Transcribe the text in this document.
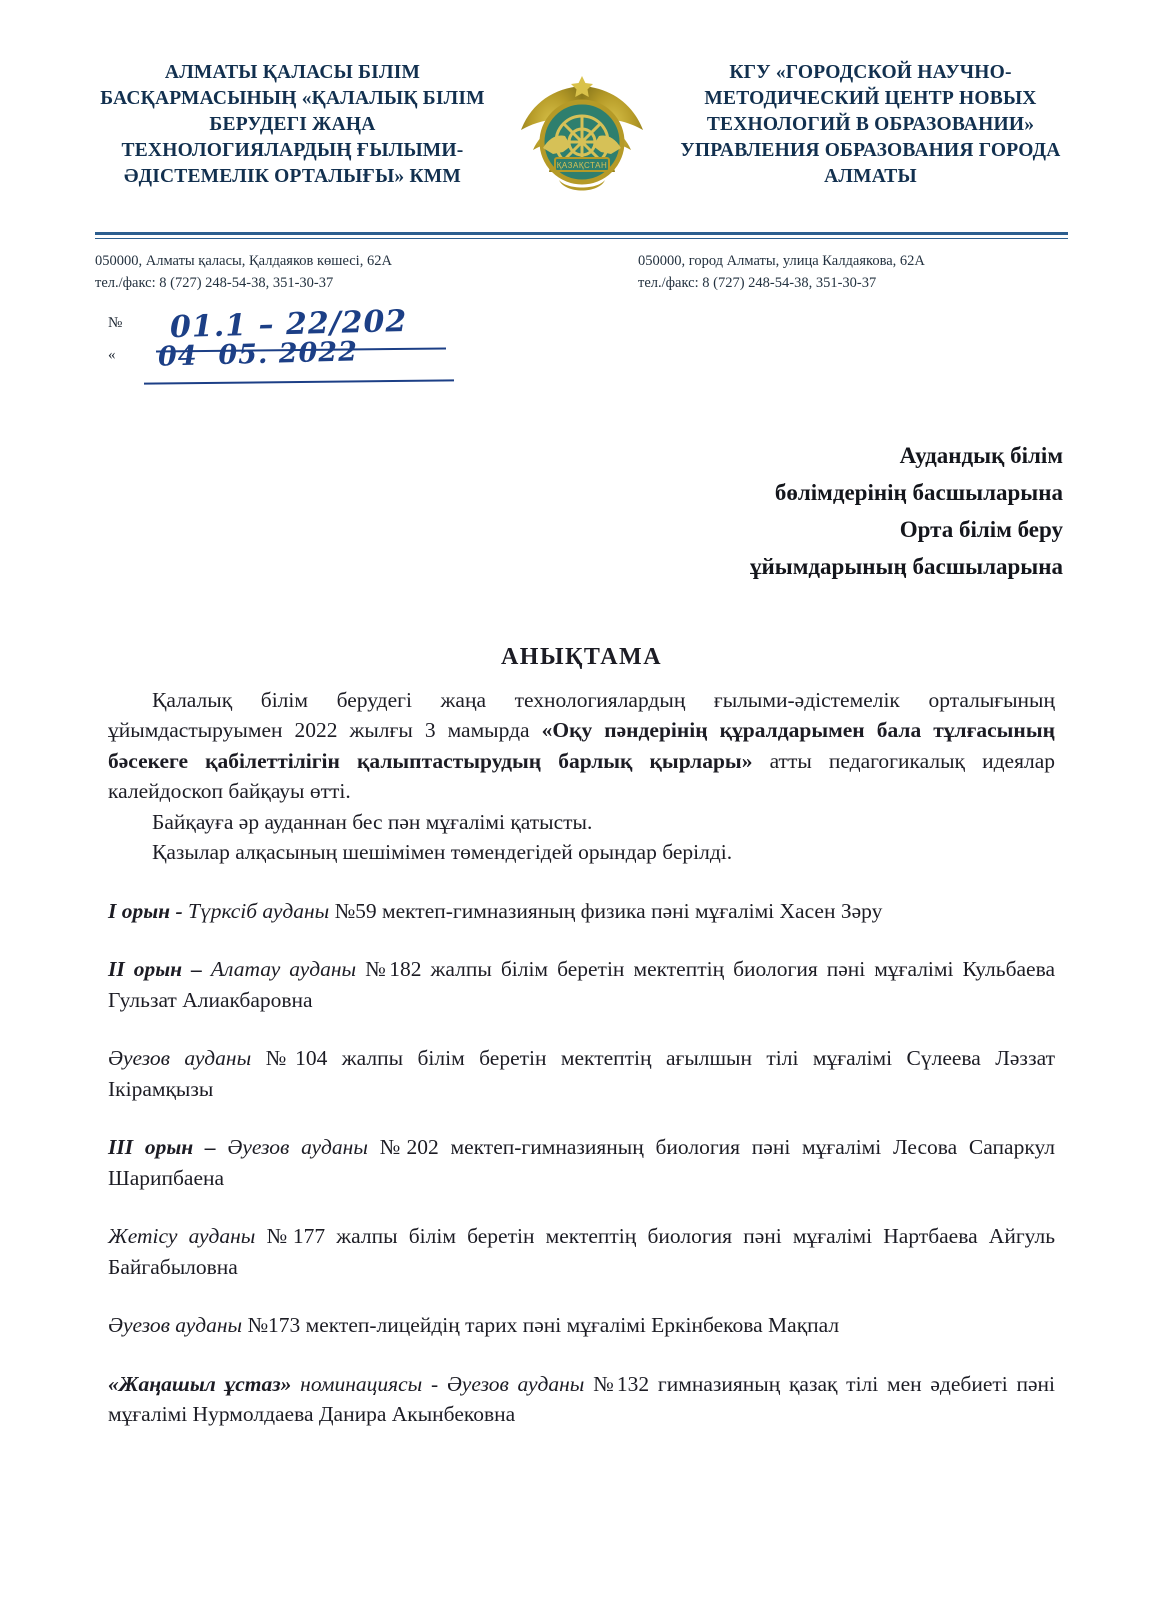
АЛМАТЫ ҚАЛАСЫ БІЛІМ БАСҚАРМАСЫНЫҢ «ҚАЛАЛЫҚ БІЛІМ БЕРУДЕГІ ЖАҢА ТЕХНОЛОГИЯЛАРДЫҢ ҒЫЛЫМИ-ӘДІСТЕМЕЛІК ОРТАЛЫҒЫ» КММ
ҚАЗАҚСТАН
КГУ «ГОРОДСКОЙ НАУЧНО-МЕТОДИЧЕСКИЙ ЦЕНТР НОВЫХ ТЕХНОЛОГИЙ В ОБРАЗОВАНИИ» УПРАВЛЕНИЯ ОБРАЗОВАНИЯ ГОРОДА АЛМАТЫ
050000, Алматы қаласы, Қалдаяков көшесі, 62А
тел./факс: 8 (727) 248-54-38, 351-30-37
050000, город Алматы, улица Калдаякова, 62А
тел./факс: 8 (727) 248-54-38, 351-30-37
№ 01.1 – 22/202
« 04 05. 2022
Аудандық білім
бөлімдерінің басшыларына
Орта білім беру
ұйымдарының басшыларына
АНЫҚТАМА

Қалалық білім берудегі жаңа технологиялардың ғылыми-әдістемелік орталығының ұйымдастыруымен 2022 жылғы 3 мамырда «Оқу пәндерінің құралдарымен бала тұлғасының бәсекеге қабілеттілігін қалыптастырудың барлық қырлары» атты педагогикалық идеялар калейдоскоп байқауы өтті.

Байқауға әр ауданнан бес пән мұғалімі қатысты.

Қазылар алқасының шешімімен төмендегідей орындар берілді.

I орын - Түрксіб ауданы №59 мектеп-гимназияның физика пәні мұғалімі Хасен Зәру

II орын – Алатау ауданы №182 жалпы білім беретін мектептің биология пәні мұғалімі Кульбаева Гульзат Алиакбаровна

Әуезов ауданы №104 жалпы білім беретін мектептің ағылшын тілі мұғалімі Сүлеева Ләззат Ікірамқызы

III орын – Әуезов ауданы №202 мектеп-гимназияның биология пәні мұғалімі Лесова Сапаркул Шарипбаена

Жетісу ауданы №177 жалпы білім беретін мектептің биология пәні мұғалімі Нартбаева Айгуль Байгабыловна

Әуезов ауданы №173 мектеп-лицейдің тарих пәні мұғалімі Еркінбекова Мақпал

«Жаңашыл ұстаз» номинациясы - Әуезов ауданы №132 гимназияның қазақ тілі мен әдебиеті пәні мұғалімі Нурмолдаева Данира Акынбековна
